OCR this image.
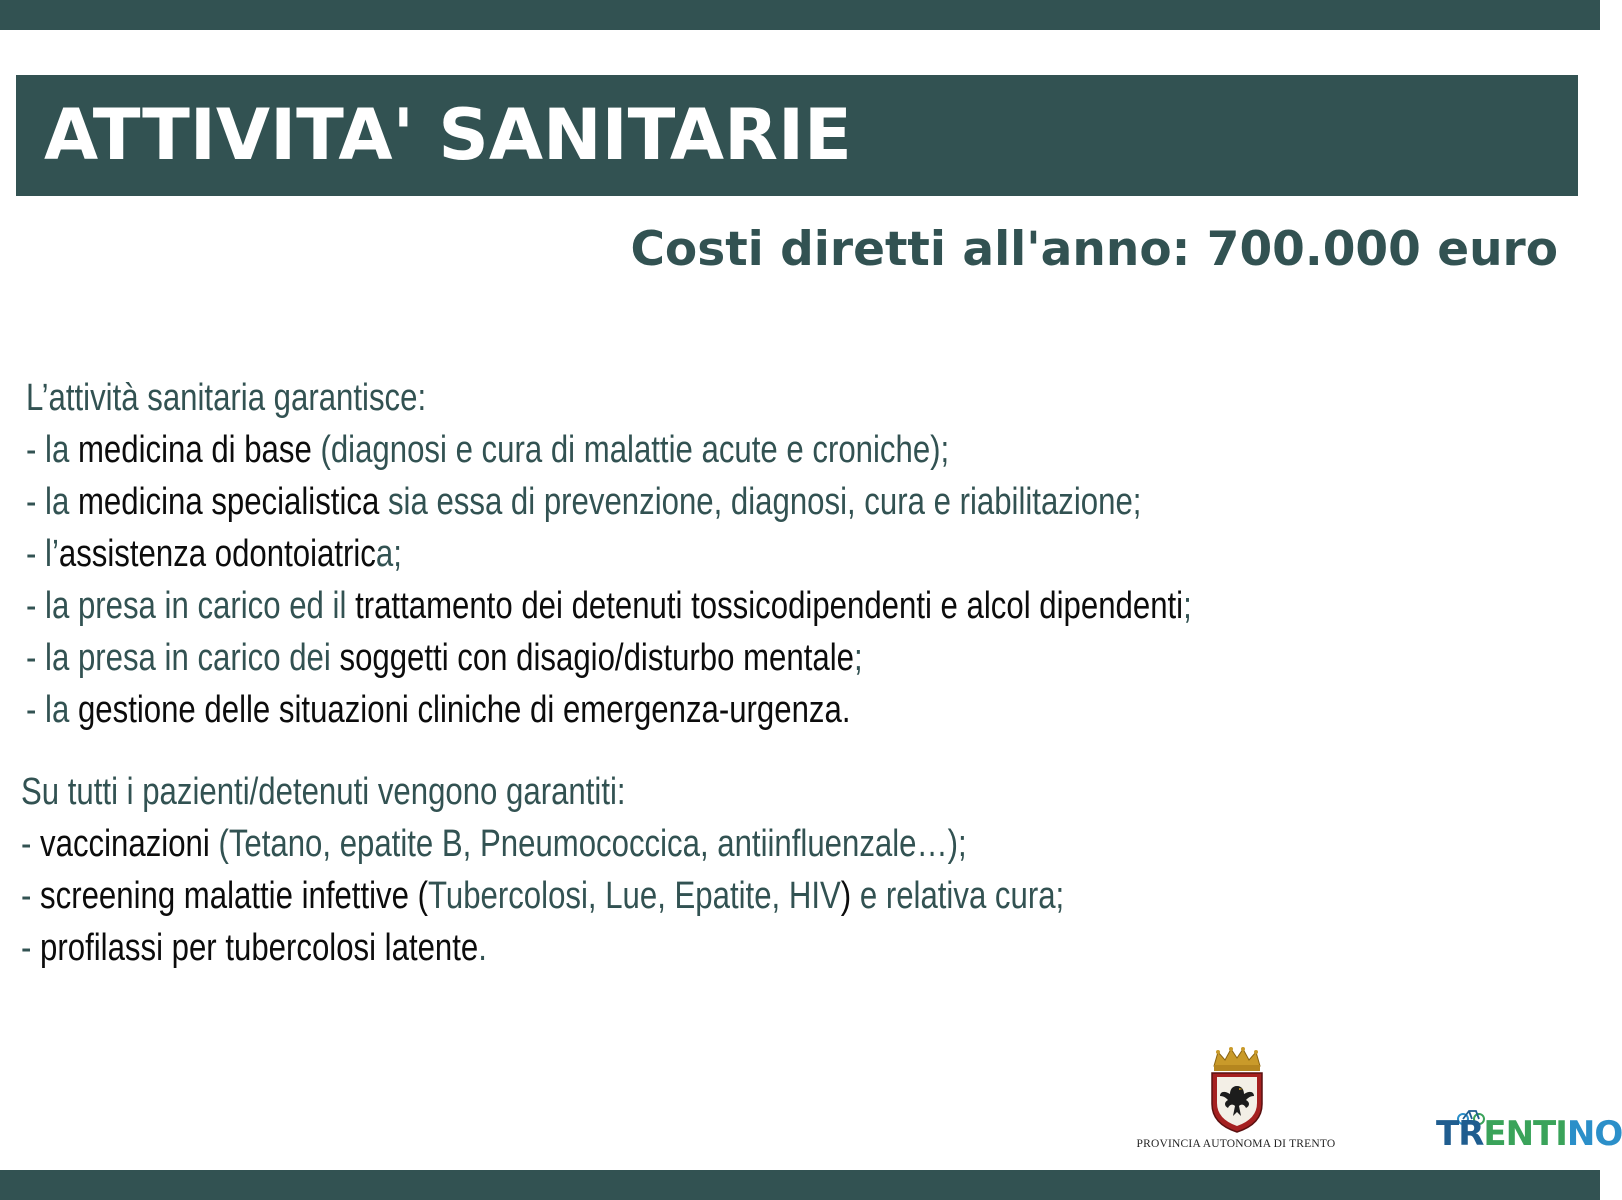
ATTIVITA' SANITARIE

Costi diretti all'anno: 700.000 euro

L’attività sanitaria garantisce:

- la medicina di base (diagnosi e cura di malattie acute e croniche);

- la medicina specialistica sia essa di prevenzione, diagnosi, cura e riabilitazione;

- l’assistenza odontoiatrica;

- la presa in carico ed il trattamento dei detenuti tossicodipendenti e alcol dipendenti;

- la presa in carico dei soggetti con disagio/disturbo mentale;

- la gestione delle situazioni cliniche di emergenza-urgenza.

Su tutti i pazienti/detenuti vengono garantiti:

- vaccinazioni (Tetano, epatite B, Pneumococcica, antiinfluenzale…);

- screening malattie infettive (Tubercolosi, Lue, Epatite, HIV) e relativa cura;

- profilassi per tubercolosi latente.

PROVINCIA AUTONOMA DI TRENTO	TRENTINO
